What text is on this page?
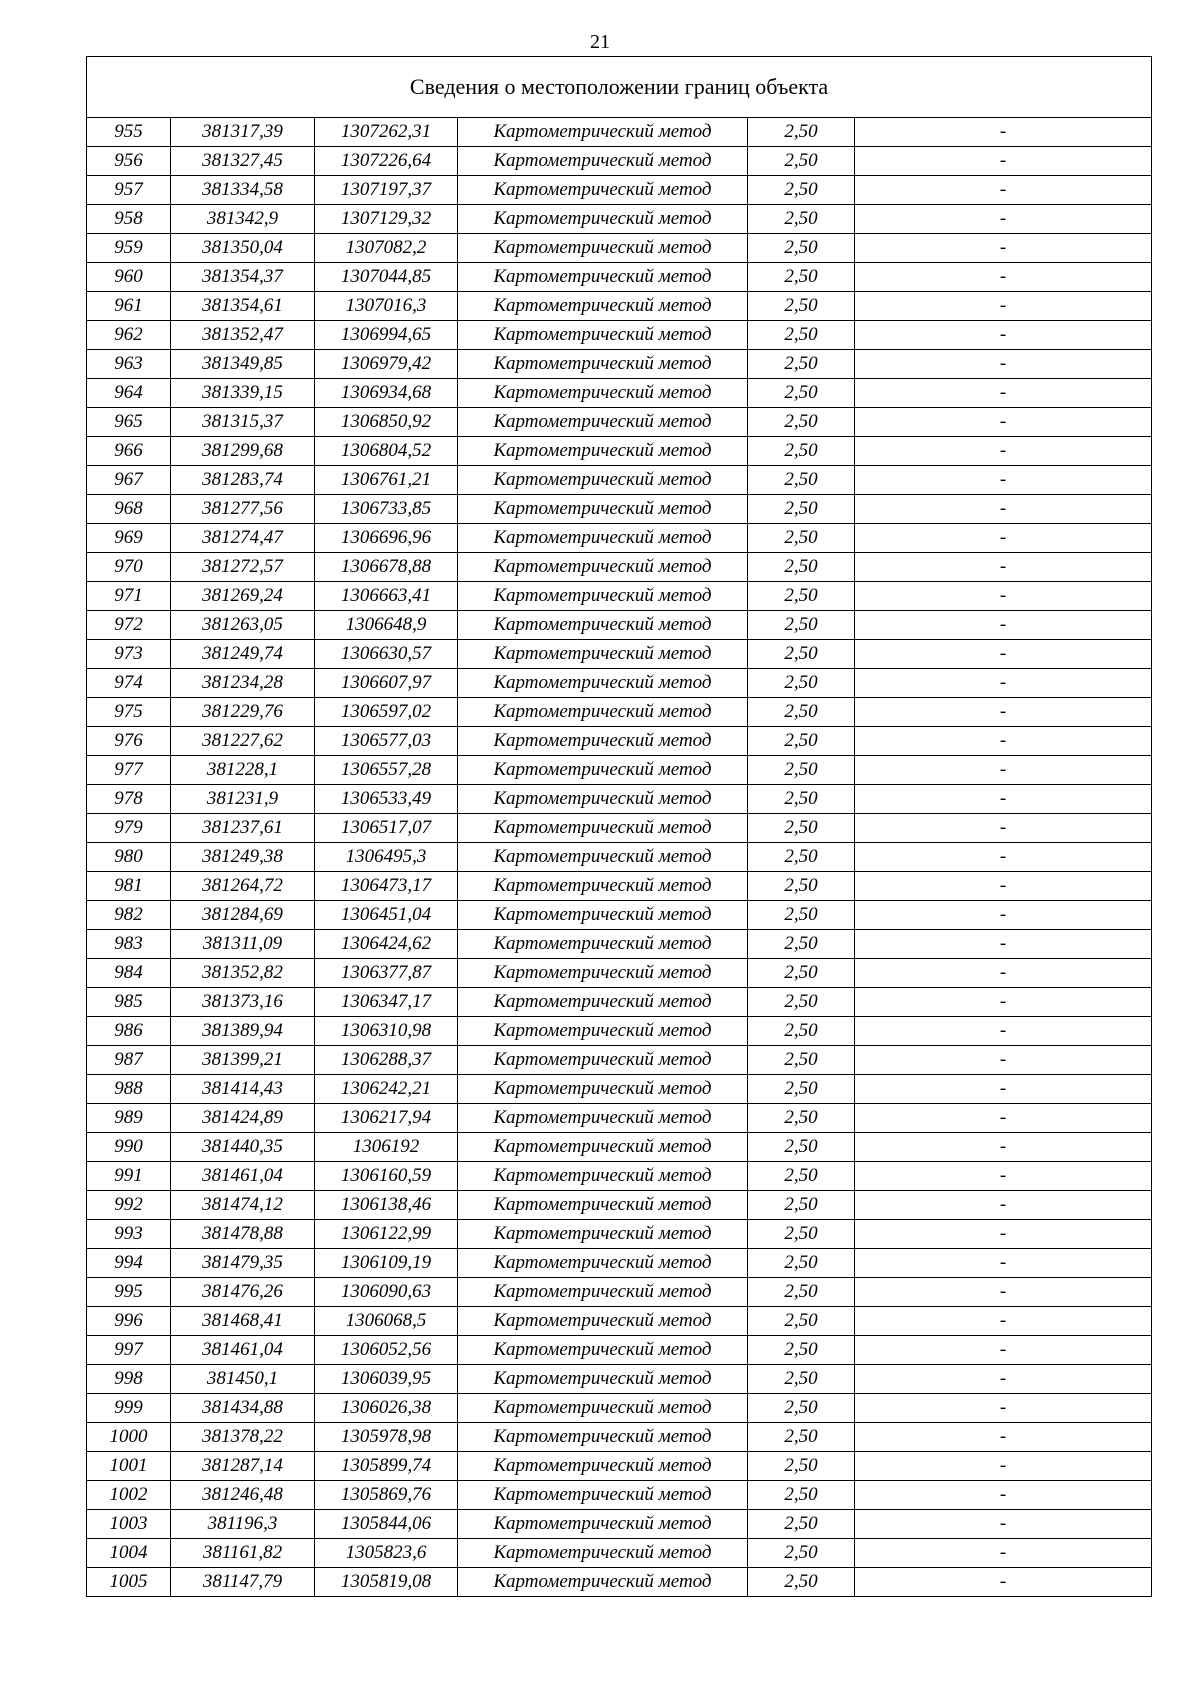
21
Сведения о местоположении границ объекта					
955	381317,39	1307262,31	Картометрический метод	2,50	-
956	381327,45	1307226,64	Картометрический метод	2,50	-
957	381334,58	1307197,37	Картометрический метод	2,50	-
958	381342,9	1307129,32	Картометрический метод	2,50	-
959	381350,04	1307082,2	Картометрический метод	2,50	-
960	381354,37	1307044,85	Картометрический метод	2,50	-
961	381354,61	1307016,3	Картометрический метод	2,50	-
962	381352,47	1306994,65	Картометрический метод	2,50	-
963	381349,85	1306979,42	Картометрический метод	2,50	-
964	381339,15	1306934,68	Картометрический метод	2,50	-
965	381315,37	1306850,92	Картометрический метод	2,50	-
966	381299,68	1306804,52	Картометрический метод	2,50	-
967	381283,74	1306761,21	Картометрический метод	2,50	-
968	381277,56	1306733,85	Картометрический метод	2,50	-
969	381274,47	1306696,96	Картометрический метод	2,50	-
970	381272,57	1306678,88	Картометрический метод	2,50	-
971	381269,24	1306663,41	Картометрический метод	2,50	-
972	381263,05	1306648,9	Картометрический метод	2,50	-
973	381249,74	1306630,57	Картометрический метод	2,50	-
974	381234,28	1306607,97	Картометрический метод	2,50	-
975	381229,76	1306597,02	Картометрический метод	2,50	-
976	381227,62	1306577,03	Картометрический метод	2,50	-
977	381228,1	1306557,28	Картометрический метод	2,50	-
978	381231,9	1306533,49	Картометрический метод	2,50	-
979	381237,61	1306517,07	Картометрический метод	2,50	-
980	381249,38	1306495,3	Картометрический метод	2,50	-
981	381264,72	1306473,17	Картометрический метод	2,50	-
982	381284,69	1306451,04	Картометрический метод	2,50	-
983	381311,09	1306424,62	Картометрический метод	2,50	-
984	381352,82	1306377,87	Картометрический метод	2,50	-
985	381373,16	1306347,17	Картометрический метод	2,50	-
986	381389,94	1306310,98	Картометрический метод	2,50	-
987	381399,21	1306288,37	Картометрический метод	2,50	-
988	381414,43	1306242,21	Картометрический метод	2,50	-
989	381424,89	1306217,94	Картометрический метод	2,50	-
990	381440,35	1306192	Картометрический метод	2,50	-
991	381461,04	1306160,59	Картометрический метод	2,50	-
992	381474,12	1306138,46	Картометрический метод	2,50	-
993	381478,88	1306122,99	Картометрический метод	2,50	-
994	381479,35	1306109,19	Картометрический метод	2,50	-
995	381476,26	1306090,63	Картометрический метод	2,50	-
996	381468,41	1306068,5	Картометрический метод	2,50	-
997	381461,04	1306052,56	Картометрический метод	2,50	-
998	381450,1	1306039,95	Картометрический метод	2,50	-
999	381434,88	1306026,38	Картометрический метод	2,50	-
1000	381378,22	1305978,98	Картометрический метод	2,50	-
1001	381287,14	1305899,74	Картометрический метод	2,50	-
1002	381246,48	1305869,76	Картометрический метод	2,50	-
1003	381196,3	1305844,06	Картометрический метод	2,50	-
1004	381161,82	1305823,6	Картометрический метод	2,50	-
1005	381147,79	1305819,08	Картометрический метод	2,50	-
